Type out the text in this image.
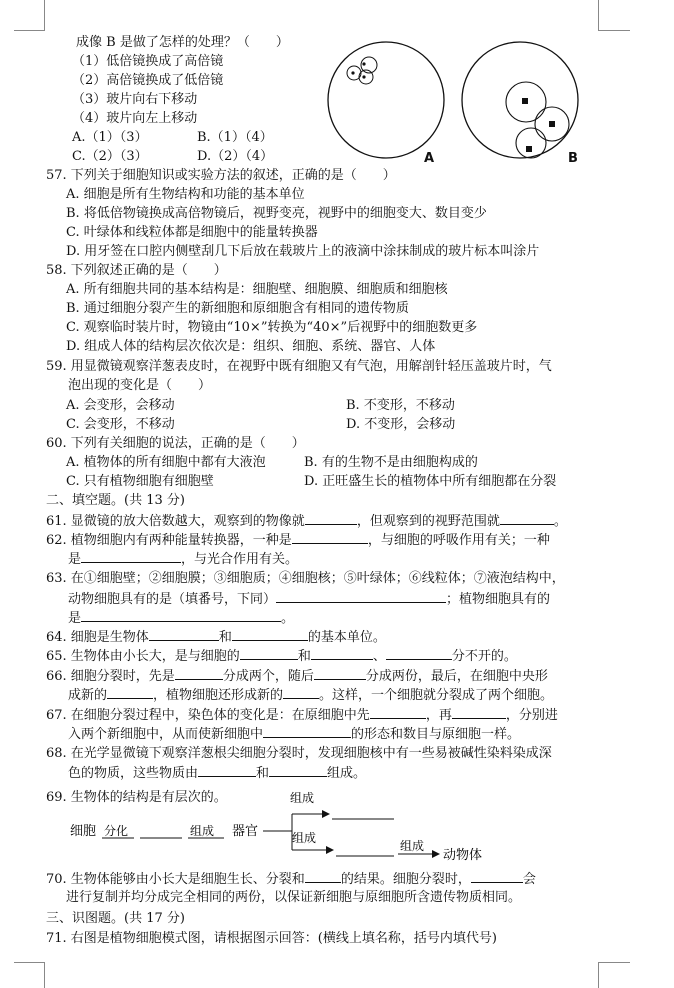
成像 B 是做了怎样的处理？（　　）
（1）低倍镜换成了高倍镜
（2）高倍镜换成了低倍镜
（3）玻片向右下移动
（4）玻片向左上移动
A.（1）（3）	B.（1）（4）
C.（2）（3）	D.（2）（4）	A	B
57. 下列关于细胞知识或实验方法的叙述，正确的是（　　）
A. 细胞是所有生物结构和功能的基本单位
B. 将低倍物镜换成高倍物镜后，视野变亮，视野中的细胞变大、数目变少
C. 叶绿体和线粒体都是细胞中的能量转换器
D. 用牙签在口腔内侧壁刮几下后放在载玻片上的液滴中涂抹制成的玻片标本叫涂片
58. 下列叙述正确的是（　　）
A. 所有细胞共同的基本结构是：细胞壁、细胞膜、细胞质和细胞核
B. 通过细胞分裂产生的新细胞和原细胞含有相同的遗传物质
C. 观察临时装片时，物镜由“10×”转换为“40×”后视野中的细胞数更多
D. 组成人体的结构层次依次是：组织、细胞、系统、器官、人体
59. 用显微镜观察洋葱表皮时，在视野中既有细胞又有气泡，用解剖针轻压盖玻片时，气
泡出现的变化是（　　）
A. 会变形，会移动	B. 不变形，不移动
C. 会变形，不移动	D. 不变形，会移动
60. 下列有关细胞的说法，正确的是（　　）
A. 植物体的所有细胞中都有大液泡	B. 有的生物不是由细胞构成的
C. 只有植物细胞有细胞壁	D. 正旺盛生长的植物体中所有细胞都在分裂
二、填空题。(共 13 分)
61. 显微镜的放大倍数越大，观察到的物像就	，但观察到的视野范围就	。
62. 植物细胞内有两种能量转换器，一种是	，与细胞的呼吸作用有关；一种
是	，与光合作用有关。
63. 在①细胞壁；②细胞膜；③细胞质；④细胞核；⑤叶绿体；⑥线粒体；⑦液泡结构中，
动物细胞具有的是（填番号，下同）	；植物细胞具有的
是	。
64. 细胞是生物体	和	的基本单位。
65. 生物体由小长大，是与细胞的	和	、	分不开的。
66. 细胞分裂时，先是	分成两个，随后	分成两份，最后，在细胞中央形
成新的	，植物细胞还形成新的	。这样，一个细胞就分裂成了两个细胞。
67. 在细胞分裂过程中，染色体的变化是：在原细胞中先	，再	，分别进
入两个新细胞中，从而使新细胞中	的形态和数目与原细胞一样。
68. 在光学显微镜下观察洋葱根尖细胞分裂时，发现细胞核中有一些易被碱性染料染成深
色的物质，这些物质由	和	组成。
69. 生物体的结构是有层次的。
细胞 分化	组成 器官
组成
组成
组成
动物体
70. 生物体能够由小长大是细胞生长、分裂和	的结果。细胞分裂时，	会
进行复制并均分成完全相同的两份，以保证新细胞与原细胞所含遗传物质相同。
三、识图题。(共 17 分)
71. 右图是植物细胞模式图，请根据图示回答：(横线上填名称，括号内填代号)
